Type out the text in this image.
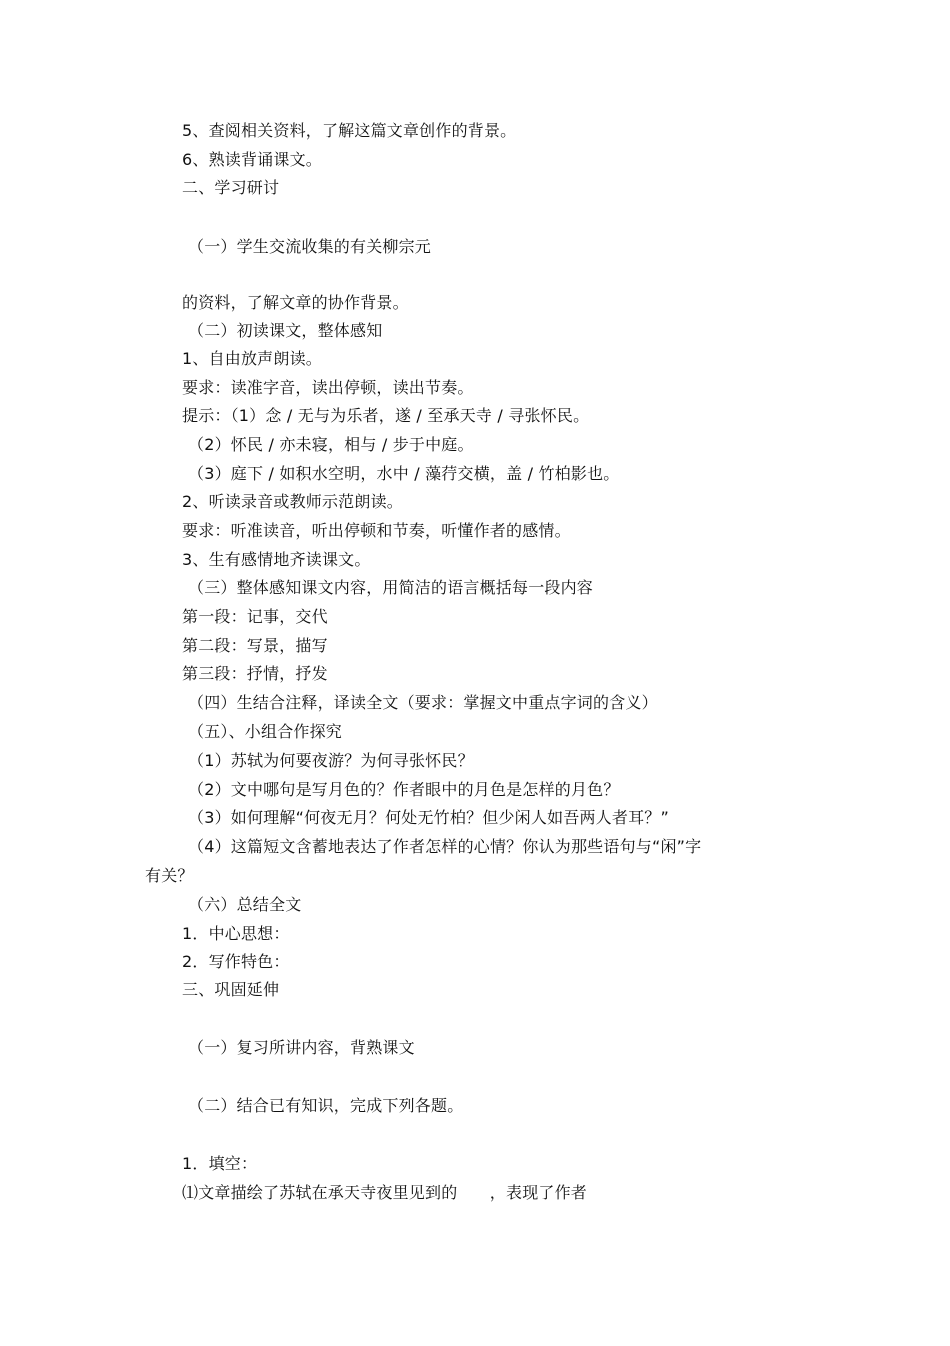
5、查阅相关资料，了解这篇文章创作的背景。
6、熟读背诵课文。
二、学习研讨
（一）学生交流收集的有关柳宗元
的资料，了解文章的协作背景。
（二）初读课文，整体感知
1、自由放声朗读。
要求：读准字音，读出停顿，读出节奏。
提示：（1）念 / 无与为乐者，遂 / 至承天寺 / 寻张怀民。
（2）怀民 / 亦未寝，相与 / 步于中庭。
（3）庭下 / 如积水空明，水中 / 藻荇交横，盖 / 竹柏影也。
2、听读录音或教师示范朗读。
要求：听准读音，听出停顿和节奏，听懂作者的感情。
3、生有感情地齐读课文。
（三）整体感知课文内容，用简洁的语言概括每一段内容
第一段：记事，交代
第二段：写景，描写
第三段：抒情，抒发
（四）生结合注释，译读全文（要求：掌握文中重点字词的含义）
（五）、小组合作探究
（1）苏轼为何要夜游？为何寻张怀民？
（2）文中哪句是写月色的？作者眼中的月色是怎样的月色？
（3）如何理解“何夜无月？何处无竹柏？但少闲人如吾两人者耳？”
（4）这篇短文含蓄地表达了作者怎样的心情？你认为那些语句与“闲”字
有关？
（六）总结全文
1．中心思想：
2．写作特色：
三、巩固延伸
（一）复习所讲内容，背熟课文
（二）结合已有知识，完成下列各题。
1．填空：
⑴文章描绘了苏轼在承天寺夜里见到的　　，表现了作者
